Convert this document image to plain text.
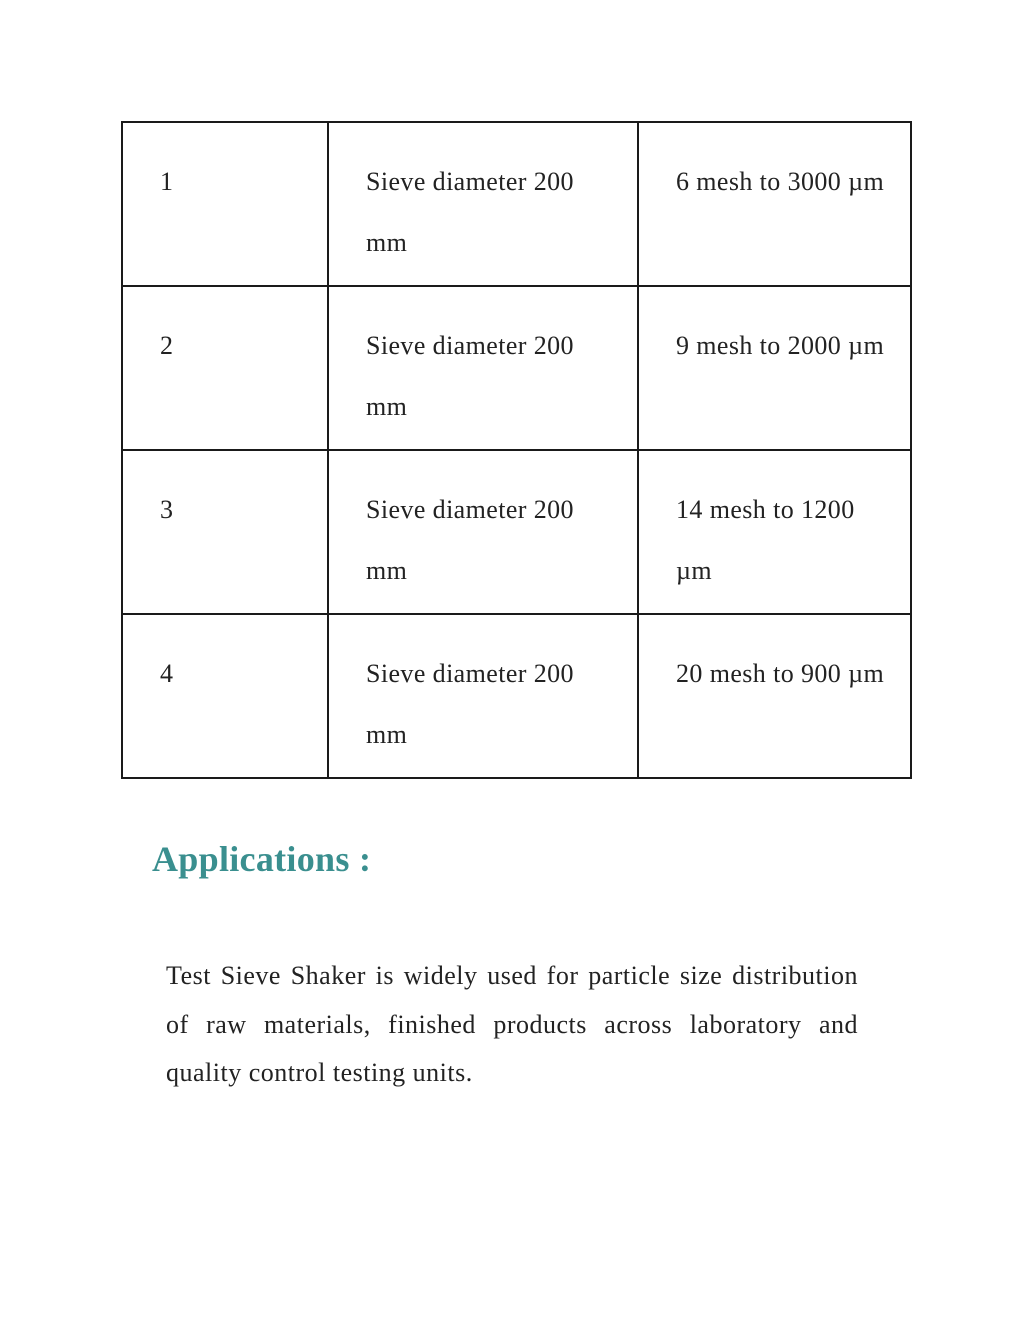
1	Sieve diameter 200 mm	6 mesh to 3000 µm

2	Sieve diameter 200 mm	9 mesh to 2000 µm

3	Sieve diameter 200 mm	14 mesh to 1200 µm

4	Sieve diameter 200 mm	20 mesh to 900 µm
Applications :

Test Sieve Shaker is widely used for particle size distribution of raw materials, finished products across laboratory and quality control testing units.
